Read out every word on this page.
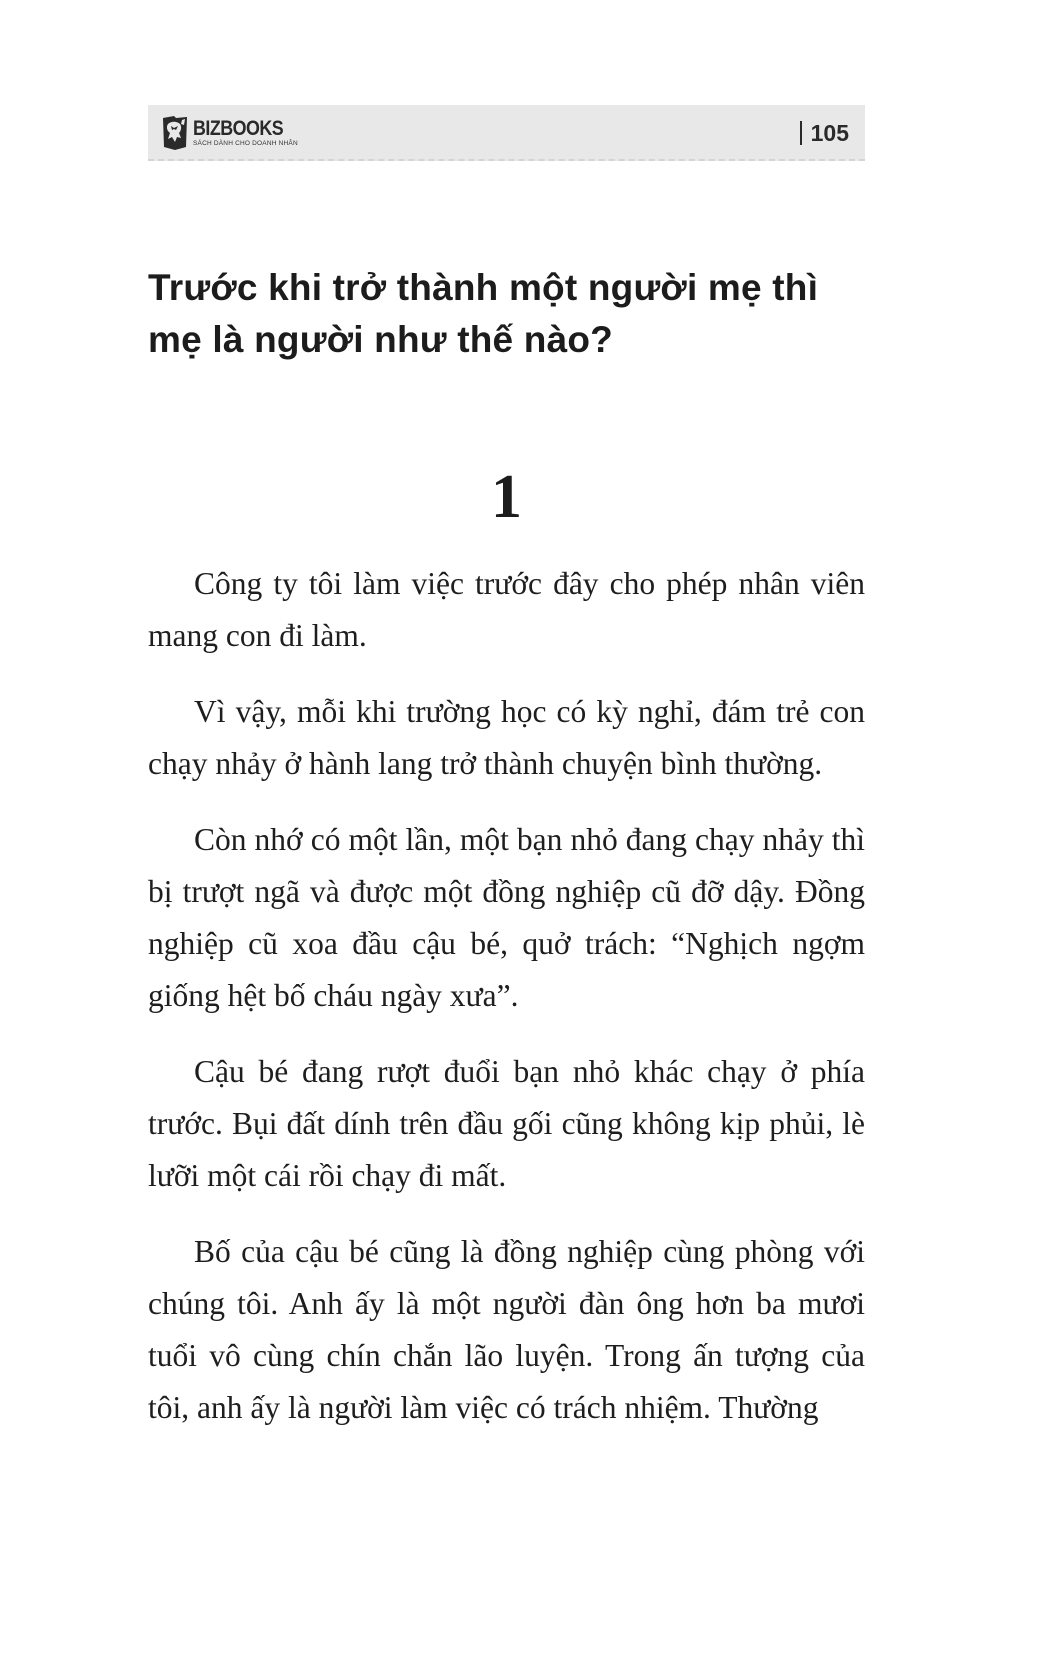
BIZBOOKS
SÁCH DÀNH CHO DOANH NHÂN	105
Trước khi trở thành một người mẹ thì mẹ là người như thế nào?
1

Công ty tôi làm việc trước đây cho phép nhân viên mang con đi làm.

Vì vậy, mỗi khi trường học có kỳ nghỉ, đám trẻ con chạy nhảy ở hành lang trở thành chuyện bình thường.

Còn nhớ có một lần, một bạn nhỏ đang chạy nhảy thì bị trượt ngã và được một đồng nghiệp cũ đỡ dậy. Đồng nghiệp cũ xoa đầu cậu bé, quở trách: “Nghịch ngợm giống hệt bố cháu ngày xưa”.

Cậu bé đang rượt đuổi bạn nhỏ khác chạy ở phía trước. Bụi đất dính trên đầu gối cũng không kịp phủi, lè lưỡi một cái rồi chạy đi mất.

Bố của cậu bé cũng là đồng nghiệp cùng phòng với chúng tôi. Anh ấy là một người đàn ông hơn ba mươi tuổi vô cùng chín chắn lão luyện. Trong ấn tượng của tôi, anh ấy là người làm việc có trách nhiệm. Thường
